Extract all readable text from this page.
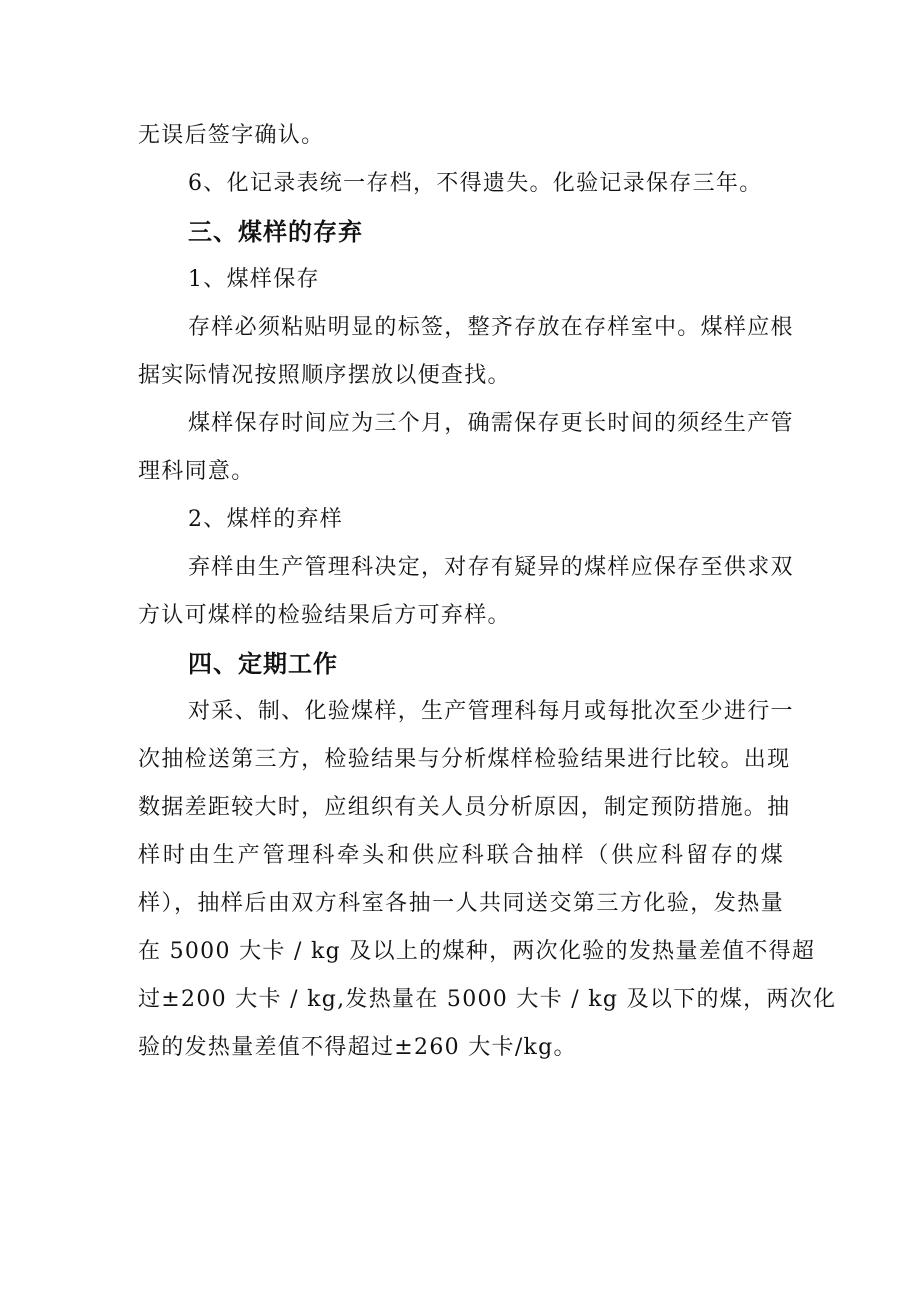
无误后签字确认。
6、化记录表统一存档，不得遗失。化验记录保存三年。
三、煤样的存弃
1、煤样保存
存样必须粘贴明显的标签，整齐存放在存样室中。煤样应根
据实际情况按照顺序摆放以便查找。
煤样保存时间应为三个月，确需保存更长时间的须经生产管
理科同意。
2、煤样的弃样
弃样由生产管理科决定，对存有疑异的煤样应保存至供求双
方认可煤样的检验结果后方可弃样。
四、定期工作
对采、制、化验煤样，生产管理科每月或每批次至少进行一
次抽检送第三方，检验结果与分析煤样检验结果进行比较。出现
数据差距较大时，应组织有关人员分析原因，制定预防措施。抽
样时由生产管理科牵头和供应科联合抽样（供应科留存的煤
样），抽样后由双方科室各抽一人共同送交第三方化验，发热量
在 5000 大卡 / kg 及以上的煤种，两次化验的发热量差值不得超
过±200 大卡 / kg,发热量在 5000 大卡 / kg 及以下的煤，两次化
验的发热量差值不得超过±260 大卡/kg。
